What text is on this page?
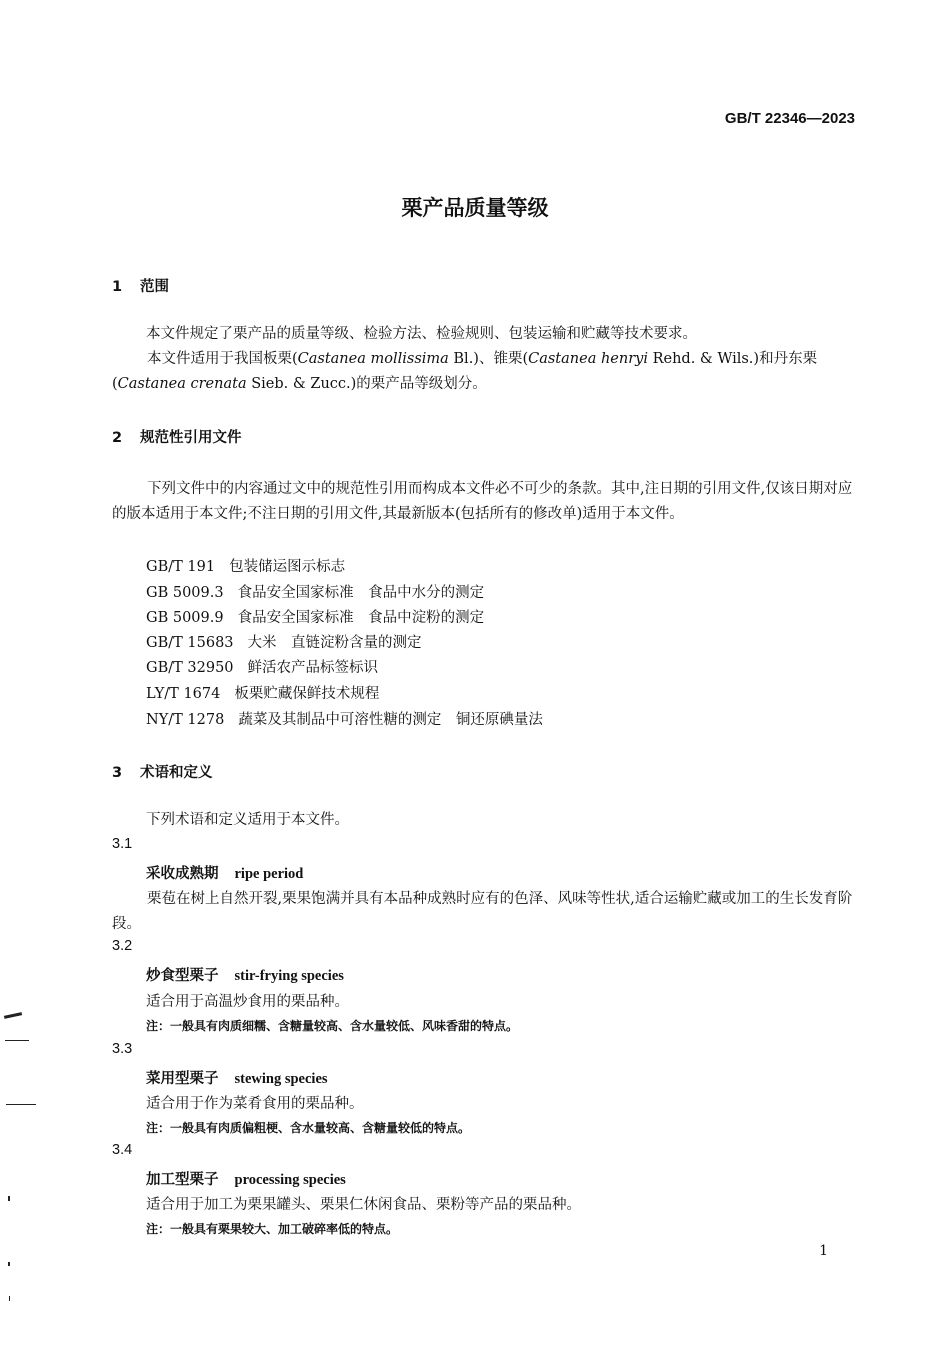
GB/T 22346—2023
栗产品质量等级
1 范围
本文件规定了栗产品的质量等级、检验方法、检验规则、包装运输和贮藏等技术要求。
本文件适用于我国板栗(Castanea mollissima Bl.)、锥栗(Castanea henryi Rehd. & Wils.)和丹东栗(Castanea crenata Sieb. & Zucc.)的栗产品等级划分。
2 规范性引用文件
下列文件中的内容通过文中的规范性引用而构成本文件必不可少的条款。其中,注日期的引用文件,仅该日期对应的版本适用于本文件;不注日期的引用文件,其最新版本(包括所有的修改单)适用于本文件。
GB/T 191 包装储运图示标志
GB 5009.3 食品安全国家标准　食品中水分的测定
GB 5009.9 食品安全国家标准　食品中淀粉的测定
GB/T 15683 大米　直链淀粉含量的测定
GB/T 32950 鲜活农产品标签标识
LY/T 1674 板栗贮藏保鲜技术规程
NY/T 1278 蔬菜及其制品中可溶性糖的测定　铜还原碘量法
3 术语和定义
下列术语和定义适用于本文件。
3.1
采收成熟期 ripe period
栗苞在树上自然开裂,栗果饱满并具有本品种成熟时应有的色泽、风味等性状,适合运输贮藏或加工的生长发育阶段。
3.2
炒食型栗子 stir-frying species
适合用于高温炒食用的栗品种。
注：一般具有肉质细糯、含糖量较高、含水量较低、风味香甜的特点。
3.3
菜用型栗子 stewing species
适合用于作为菜肴食用的栗品种。
注：一般具有肉质偏粗梗、含水量较高、含糖量较低的特点。
3.4
加工型栗子 processing species
适合用于加工为栗果罐头、栗果仁休闲食品、栗粉等产品的栗品种。
注：一般具有栗果较大、加工破碎率低的特点。
1
